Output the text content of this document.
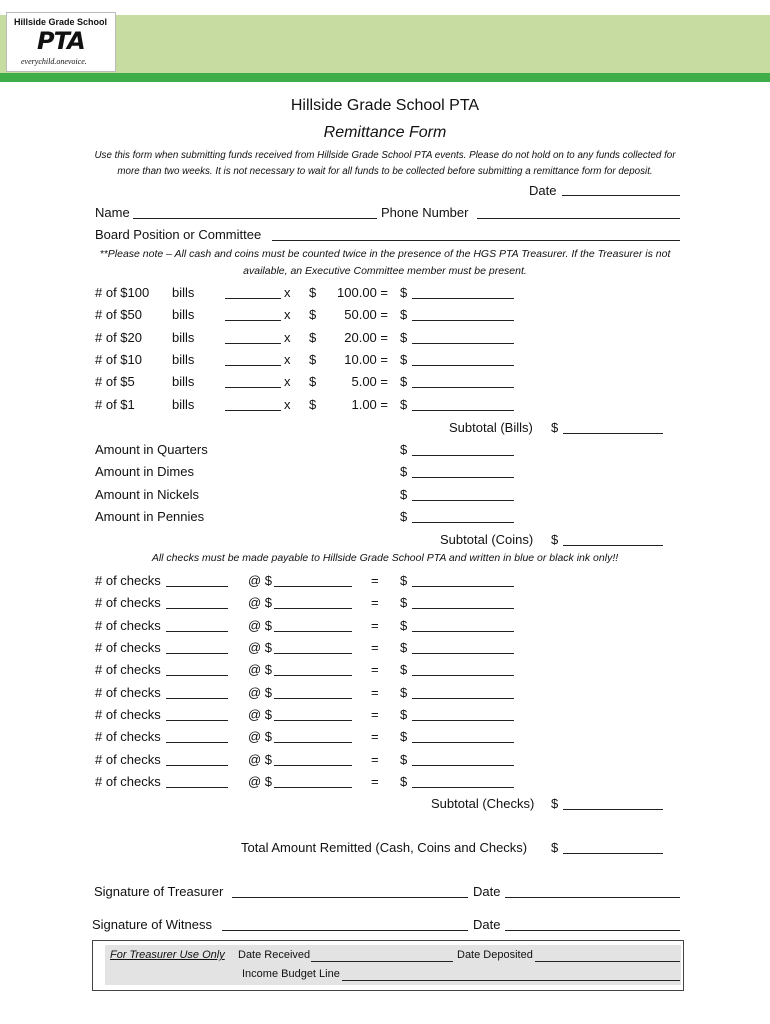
Hillside Grade School
PTA
everychild.onevoice.
Hillside Grade School PTA
Remittance Form
Use this form when submitting funds received from Hillside Grade School PTA events. Please do not hold on to any funds collected for
more than two weeks. It is not necessary to wait for all funds to be collected before submitting a remittance form for deposit.
Date
Name	Phone Number
Board Position or Committee
**Please note – All cash and coins must be counted twice in the presence of the HGS PTA Treasurer. If the Treasurer is not
available, an Executive Committee member must be present.
# of $100 bills	x $	100.00 = $
# of $50 bills	x $	50.00 = $
# of $20 bills	x $	20.00 = $
# of $10 bills	x $	10.00 = $
# of $5	bills	x $	5.00 = $
# of $1	bills	x $	1.00 = $
Subtotal (Bills) $
Amount in Quarters	$
Amount in Dimes	$
Amount in Nickels	$
Amount in Pennies	$
Subtotal (Coins) $
All checks must be made payable to Hillside Grade School PTA and written in blue or black ink only!!
# of checks	@ $	= $
# of checks	@ $	= $
# of checks	@ $	= $
# of checks	@ $	= $
# of checks	@ $	= $
# of checks	@ $	= $
# of checks	@ $	= $
# of checks	@ $	= $
# of checks	@ $	= $
# of checks	@ $	= $
Subtotal (Checks) $
Total Amount Remitted (Cash, Coins and Checks) $
Signature of Treasurer	Date
Signature of Witness	Date
For Treasurer Use Only Date Received	Date Deposited
Income Budget Line
